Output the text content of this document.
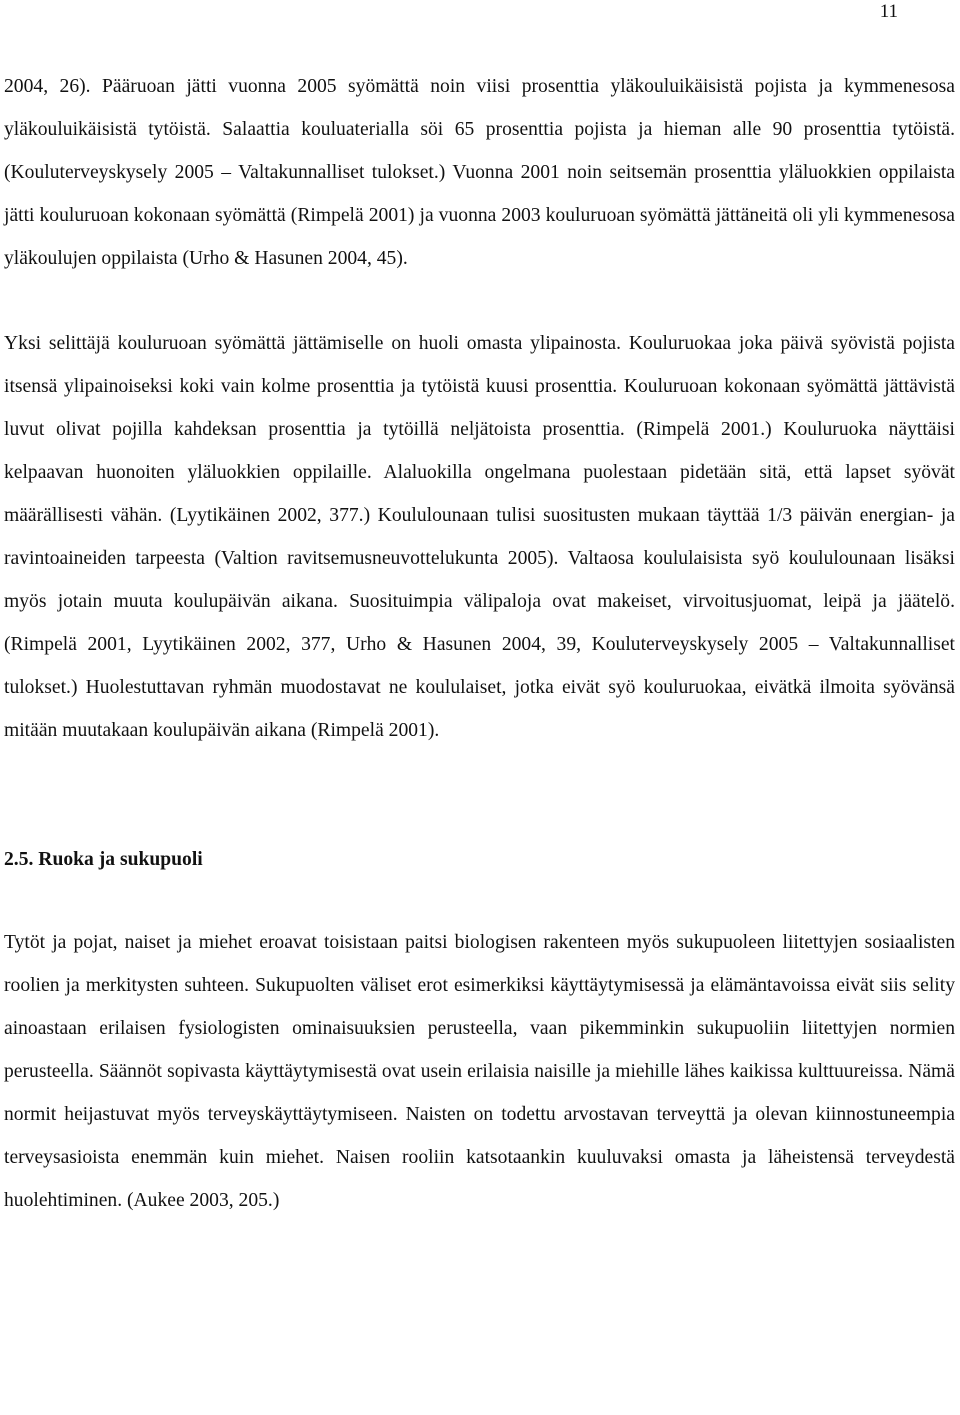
11

2004, 26). Pääruoan jätti vuonna 2005 syömättä noin viisi prosenttia yläkouluikäisistä pojista ja kymmenesosa yläkouluikäisistä tytöistä. Salaattia kouluaterialla söi 65 prosenttia pojista ja hieman alle 90 prosenttia tytöistä. (Kouluterveyskysely 2005 – Valtakunnalliset tulokset.) Vuonna 2001 noin seitsemän prosenttia yläluokkien oppilaista jätti kouluruoan kokonaan syömättä (Rimpelä 2001) ja vuonna 2003 kouluruoan syömättä jättäneitä oli yli kymmenesosa yläkoulujen oppilaista (Urho & Hasunen 2004, 45).

Yksi selittäjä kouluruoan syömättä jättämiselle on huoli omasta ylipainosta. Kouluruokaa joka päivä syövistä pojista itsensä ylipainoiseksi koki vain kolme prosenttia ja tytöistä kuusi prosenttia. Kouluruoan kokonaan syömättä jättävistä luvut olivat pojilla kahdeksan prosenttia ja tytöillä neljätoista prosenttia. (Rimpelä 2001.) Kouluruoka näyttäisi kelpaavan huonoiten yläluokkien oppilaille. Alaluokilla ongelmana puolestaan pidetään sitä, että lapset syövät määrällisesti vähän. (Lyytikäinen 2002, 377.) Koululounaan tulisi suositusten mukaan täyttää 1/3 päivän energian- ja ravintoaineiden tarpeesta (Valtion ravitsemusneuvottelukunta 2005). Valtaosa koululaisista syö koululounaan lisäksi myös jotain muuta koulupäivän aikana. Suosituimpia välipaloja ovat makeiset, virvoitusjuomat, leipä ja jäätelö. (Rimpelä 2001, Lyytikäinen 2002, 377, Urho & Hasunen 2004, 39, Kouluterveyskysely 2005 – Valtakunnalliset tulokset.) Huolestuttavan ryhmän muodostavat ne koululaiset, jotka eivät syö kouluruokaa, eivätkä ilmoita syövänsä mitään muutakaan koulupäivän aikana (Rimpelä 2001).

2.5. Ruoka ja sukupuoli

Tytöt ja pojat, naiset ja miehet eroavat toisistaan paitsi biologisen rakenteen myös sukupuoleen liitettyjen sosiaalisten roolien ja merkitysten suhteen. Sukupuolten väliset erot esimerkiksi käyttäytymisessä ja elämäntavoissa eivät siis selity ainoastaan erilaisen fysiologisten ominaisuuksien perusteella, vaan pikemminkin sukupuoliin liitettyjen normien perusteella. Säännöt sopivasta käyttäytymisestä ovat usein erilaisia naisille ja miehille lähes kaikissa kulttuureissa. Nämä normit heijastuvat myös terveyskäyttäytymiseen. Naisten on todettu arvostavan terveyttä ja olevan kiinnostuneempia terveysasioista enemmän kuin miehet. Naisen rooliin katsotaankin kuuluvaksi omasta ja läheistensä terveydestä huolehtiminen. (Aukee 2003, 205.)
